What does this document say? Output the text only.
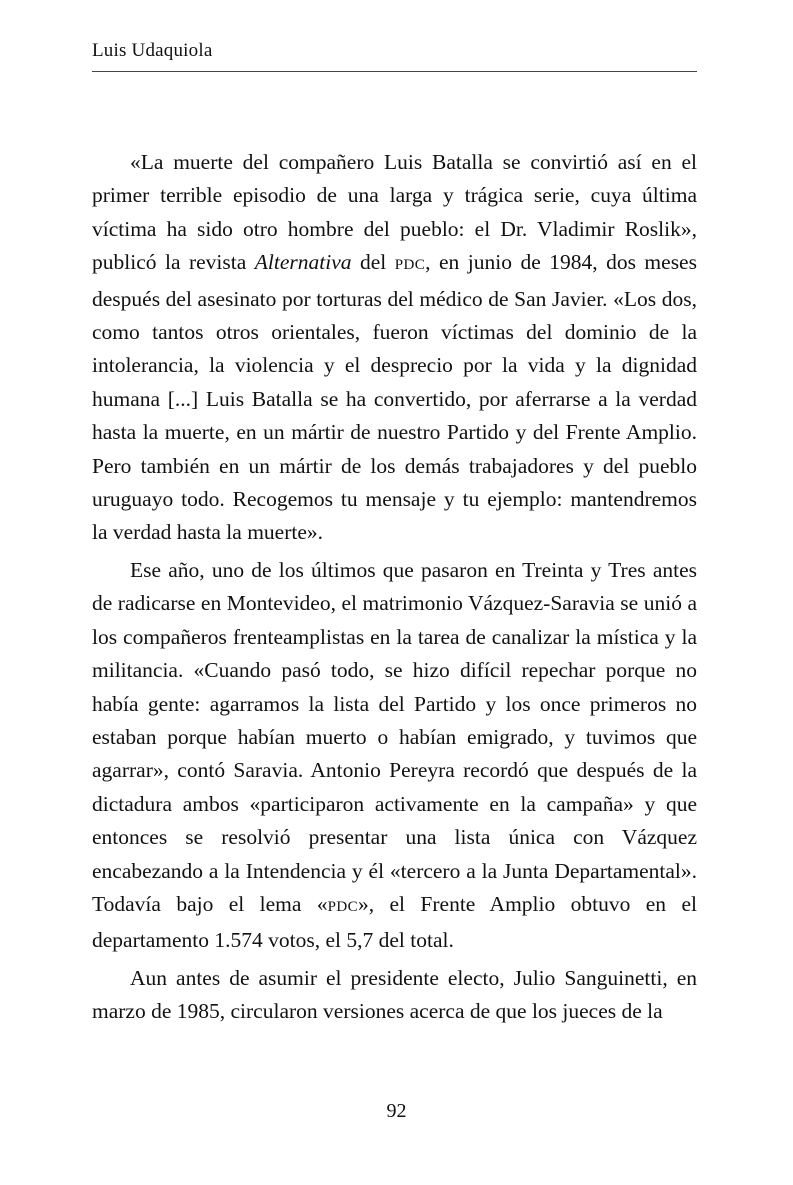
Luis Udaquiola

«La muerte del compañero Luis Batalla se convirtió así en el primer terrible episodio de una larga y trágica serie, cuya última víctima ha sido otro hombre del pueblo: el Dr. Vladimir Roslik», publicó la revista Alternativa del PDC, en junio de 1984, dos meses después del asesinato por torturas del médico de San Javier. «Los dos, como tantos otros orientales, fueron víctimas del dominio de la intolerancia, la violencia y el desprecio por la vida y la dignidad humana [...] Luis Batalla se ha convertido, por aferrarse a la verdad hasta la muerte, en un mártir de nuestro Partido y del Frente Amplio. Pero también en un mártir de los demás trabajadores y del pueblo uruguayo todo. Recogemos tu mensaje y tu ejemplo: mantendremos la verdad hasta la muerte».

Ese año, uno de los últimos que pasaron en Treinta y Tres antes de radicarse en Montevideo, el matrimonio Vázquez-Saravia se unió a los compañeros frenteamplistas en la tarea de canalizar la mística y la militancia. «Cuando pasó todo, se hizo difícil repechar porque no había gente: agarramos la lista del Partido y los once primeros no estaban porque habían muerto o habían emigrado, y tuvimos que agarrar», contó Saravia. Antonio Pereyra recordó que después de la dictadura ambos «participaron activamente en la campaña» y que entonces se resolvió presentar una lista única con Vázquez encabezando a la Intendencia y él «tercero a la Junta Departamental». Todavía bajo el lema «PDC», el Frente Amplio obtuvo en el departamento 1.574 votos, el 5,7 del total.

Aun antes de asumir el presidente electo, Julio Sanguinetti, en marzo de 1985, circularon versiones acerca de que los jueces de la

92
